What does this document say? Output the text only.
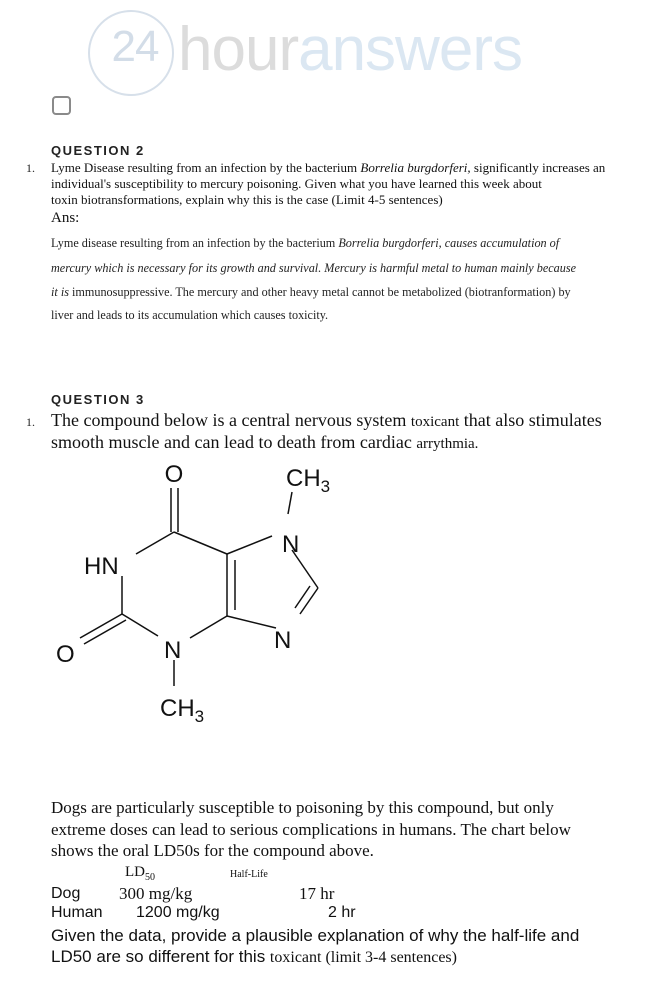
24 houranswers
QUESTION 2
1. Lyme Disease resulting from an infection by the bacterium Borrelia burgdorferi, significantly increases an
individual's susceptibility to mercury poisoning. Given what you have learned this week about
toxin biotransformations, explain why this is the case (Limit 4-5 sentences)
Ans:
Lyme disease resulting from an infection by the bacterium Borrelia burgdorferi, causes accumulation of
mercury which is necessary for its growth and survival. Mercury is harmful metal to human mainly because
it is immunosuppressive. The mercury and other heavy metal cannot be metabolized (biotranformation) by
liver and leads to its accumulation which causes toxicity.
QUESTION 3
1. The compound below is a central nervous system toxicant that also stimulates
smooth muscle and can lead to death from cardiac arrythmia.
O	$CH_3$
N
HN
N
O	N
$CH_3$
Dogs are particularly susceptible to poisoning by this compound, but only
extreme doses can lead to serious complications in humans. The chart below
shows the oral LD50s for the compound above.
$LD_{50}$	Half-Life
Dog 300 mg/kg	17 hr
Human 1200 mg/kg	2 hr
Given the data, provide a plausible explanation of why the half-life and
LD50 are so different for this toxicant (limit 3-4 sentences)
